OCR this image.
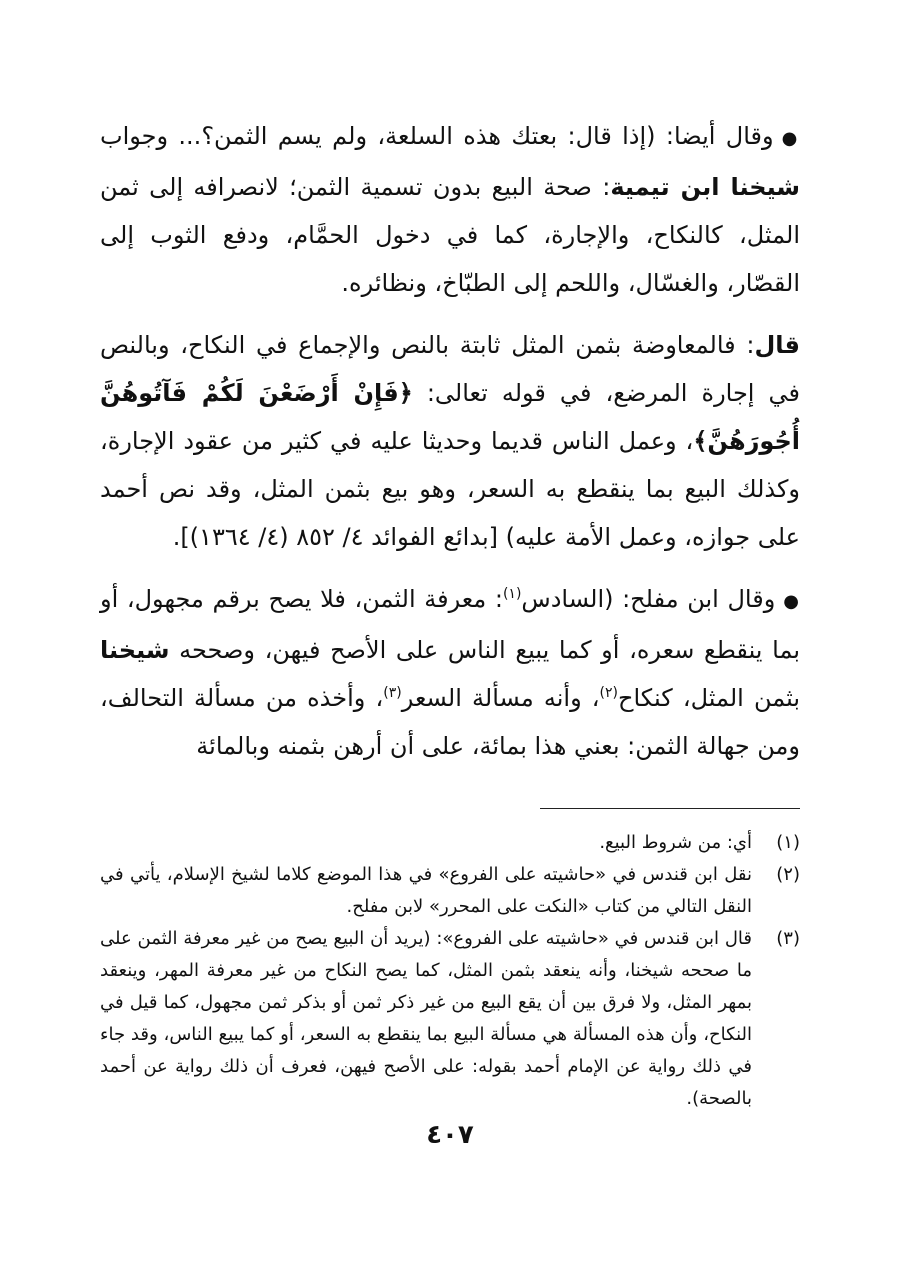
●وقال أيضا: (إذا قال: بعتك هذه السلعة، ولم يسم الثمن؟... وجواب شيخنا ابن تيمية: صحة البيع بدون تسمية الثمن؛ لانصرافه إلى ثمن المثل، كالنكاح، والإجارة، كما في دخول الحمَّام، ودفع الثوب إلى القصّار، والغسّال، واللحم إلى الطبّاخ، ونظائره.

قال: فالمعاوضة بثمن المثل ثابتة بالنص والإجماع في النكاح، وبالنص في إجارة المرضع، في قوله تعالى: ﴿فَإِنْ أَرْضَعْنَ لَكُمْ فَآتُوهُنَّ أُجُورَهُنَّ﴾، وعمل الناس قديما وحديثا عليه في كثير من عقود الإجارة، وكذلك البيع بما ينقطع به السعر، وهو بيع بثمن المثل، وقد نص أحمد على جوازه، وعمل الأمة عليه) [بدائع الفوائد ٤/ ٨٥٢ (٤/ ١٣٦٤)].

●وقال ابن مفلح: (السادس$^{(١)}$: معرفة الثمن، فلا يصح برقم مجهول، أو بما ينقطع سعره، أو كما يبيع الناس على الأصح فيهن، وصححه شيخنا بثمن المثل، كنكاح$^{(٢)}$، وأنه مسألة السعر$^{(٣)}$، وأخذه من مسألة التحالف، ومن جهالة الثمن: بعني هذا بمائة، على أن أرهن بثمنه وبالمائة

(١)
أي: من شروط البيع.
(٢)
نقل ابن قندس في «حاشيته على الفروع» في هذا الموضع كلاما لشيخ الإسلام، يأتي في النقل التالي من كتاب «النكت على المحرر» لابن مفلح.
(٣)
قال ابن قندس في «حاشيته على الفروع»: (يريد أن البيع يصح من غير معرفة الثمن على ما صححه شيخنا، وأنه ينعقد بثمن المثل، كما يصح النكاح من غير معرفة المهر، وينعقد بمهر المثل، ولا فرق بين أن يقع البيع من غير ذكر ثمن أو بذكر ثمن مجهول، كما قيل في النكاح، وأن هذه المسألة هي مسألة البيع بما ينقطع به السعر، أو كما يبيع الناس، وقد جاء في ذلك رواية عن الإمام أحمد بقوله: على الأصح فيهن، فعرف أن ذلك رواية عن أحمد بالصحة).
٤٠٧
